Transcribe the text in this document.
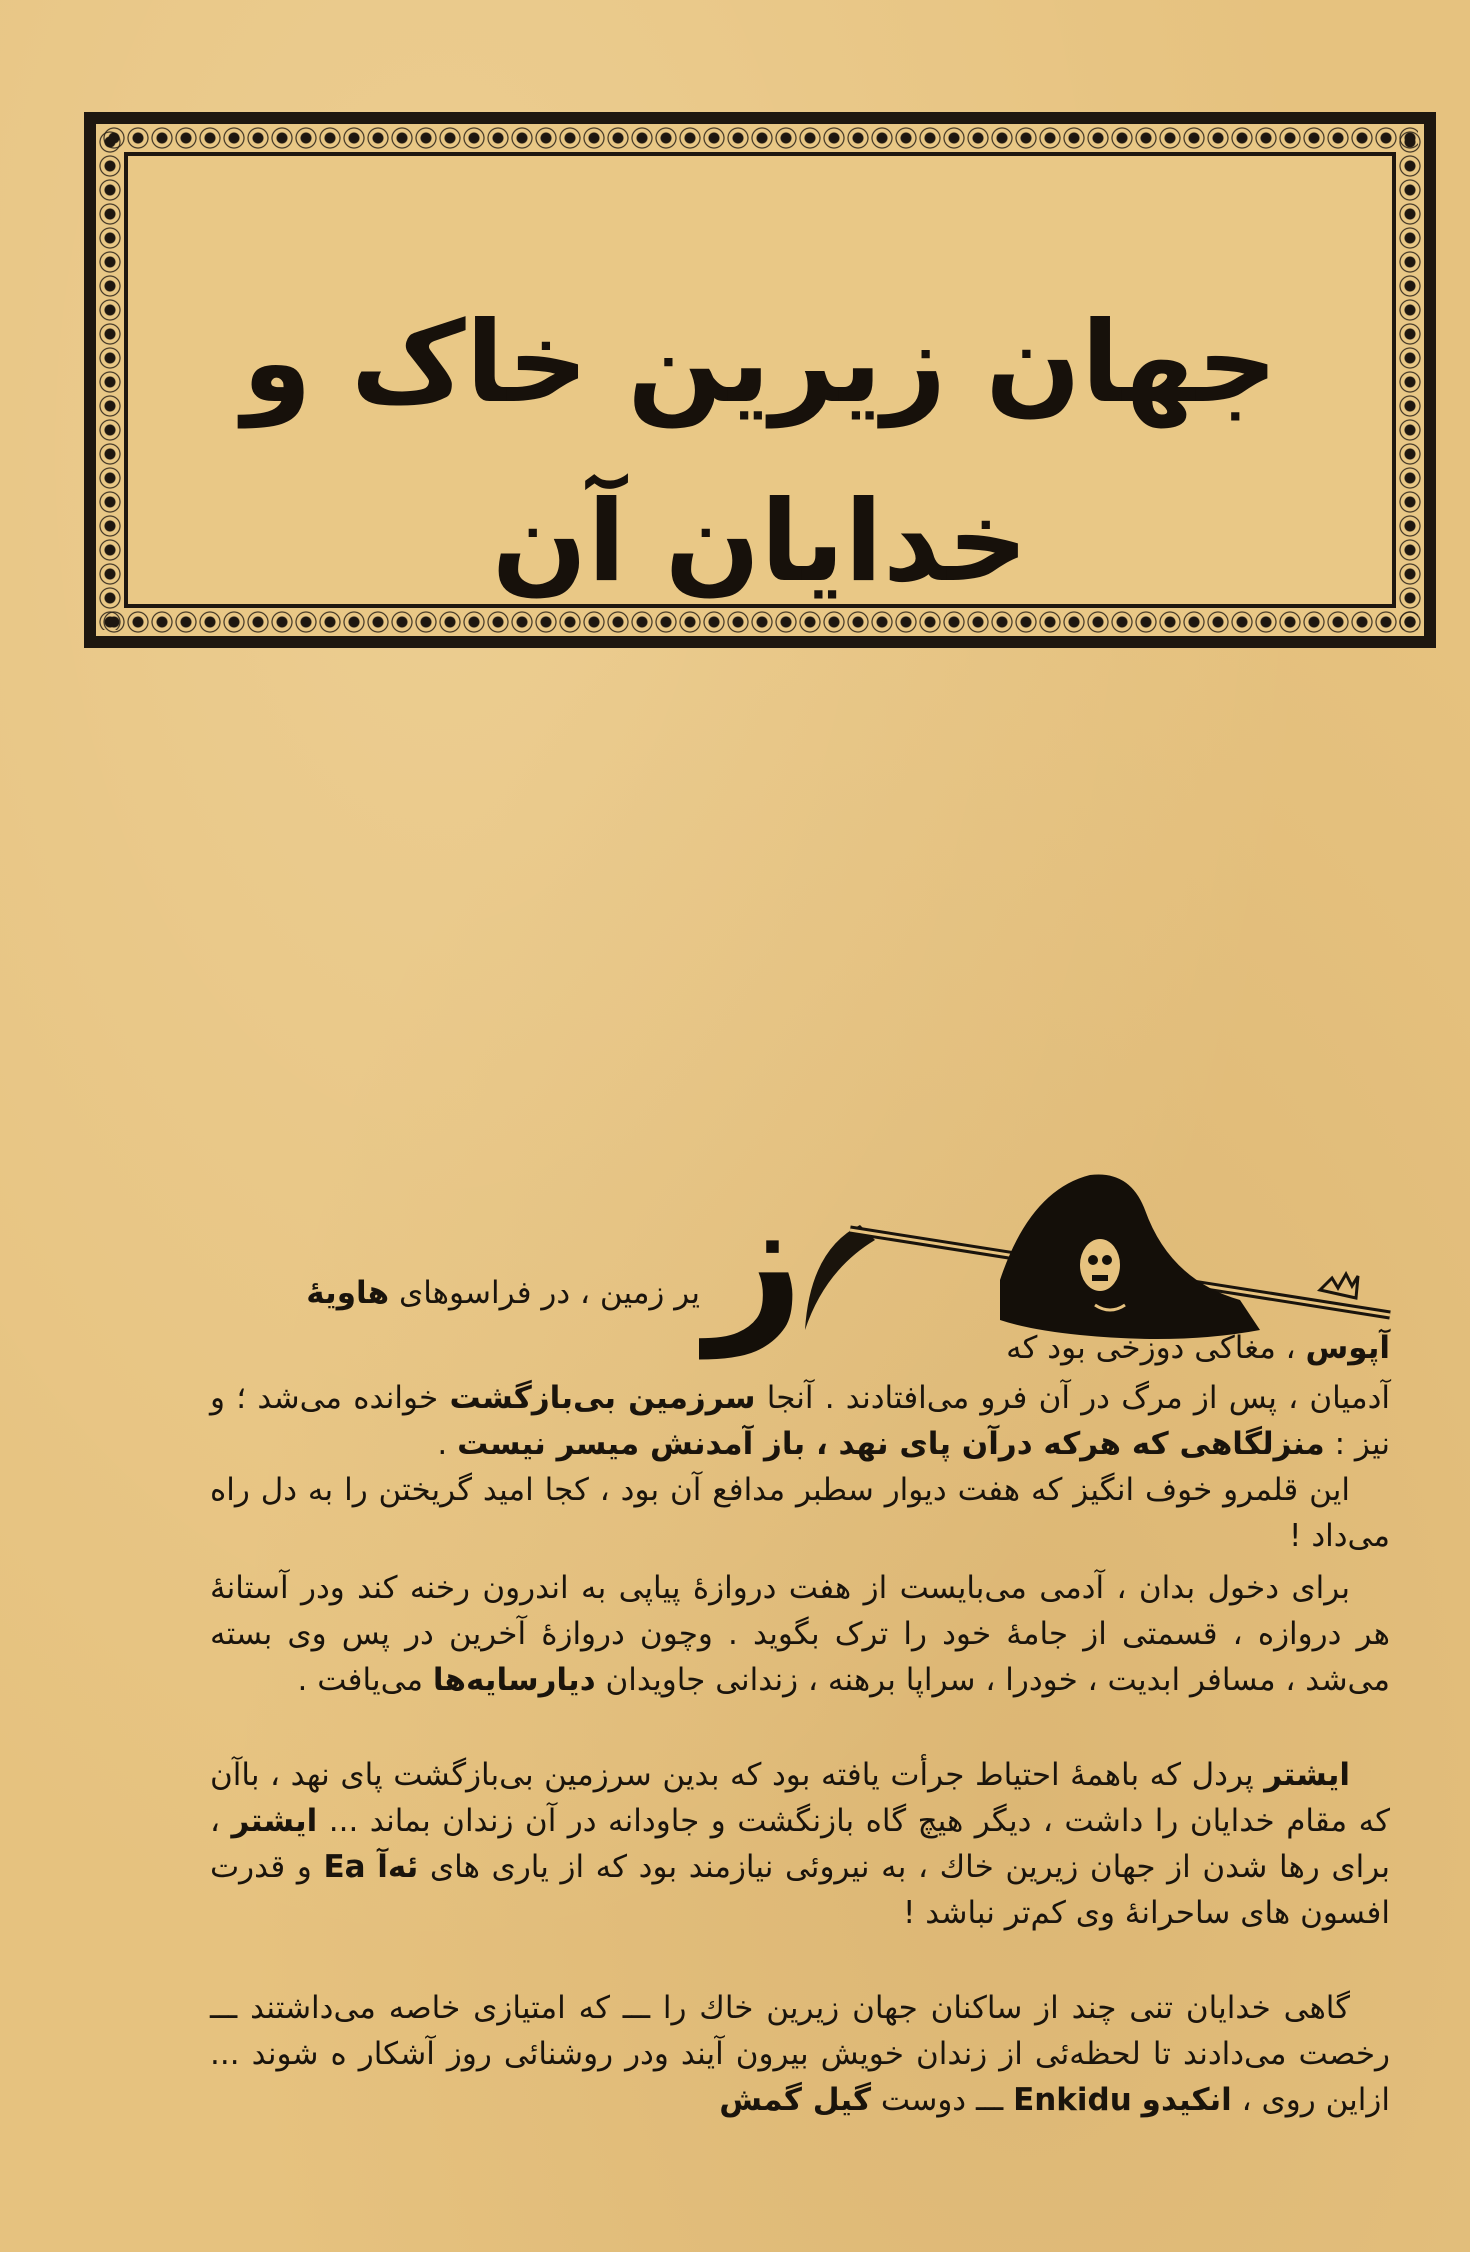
جهان زیرین خاک و خدایان آن
ز
یر زمین ، در فراسوهای هاویهٔ
آپوس ، مغاکی دوزخی بود که

آدمیان ، پس از مرگ در آن فرو می‌افتادند . آنجا سرزمین بی‌بازگشت خوانده می‌شد ؛ و نیز : منزلگاهی که هرکه درآن پای نهد ، باز آمدنش میسر نیست .

این قلمرو خوف انگیز که هفت دیوار سطبر مدافع آن بود ، کجا امید گریختن را به دل راه می‌داد !

برای دخول بدان ، آدمی می‌بایست از هفت دروازهٔ پیاپی به اندرون رخنه کند ودر آستانهٔ هر دروازه ، قسمتی از جامهٔ خود را ترک بگوید . وچون دروازهٔ آخرین در پس وی بسته می‌شد ، مسافر ابدیت ، خودرا ، سراپا برهنه ، زندانی جاویدان دیارسایه‌ها می‌یافت .

ایشتر پردل که باهمهٔ احتیاط جرأت یافته بود که بدین سرزمین بی‌بازگشت پای نهد ، باآن که مقام خدایان را داشت ، دیگر هیچ گاه بازنگشت و جاودانه در آن زندان بماند ... ایشتر ، برای رها شدن از جهان زیرین خاك ، به نیروئی نیازمند بود که از یاری های ئه‌آ Ea و قدرت افسون های ساحرانهٔ وی کم‌تر نباشد !

گاهی خدایان تنی چند از ساکنان جهان زیرین خاك را ـــ که امتیازی خاصه می‌داشتند ـــ رخصت می‌دادند تا لحظه‌ئی از زندان خویش بیرون آیند ودر روشنائی روز آشکار ه شوند ... ازاین روی ، انکیدو Enkidu ـــ دوست گیل گمش
